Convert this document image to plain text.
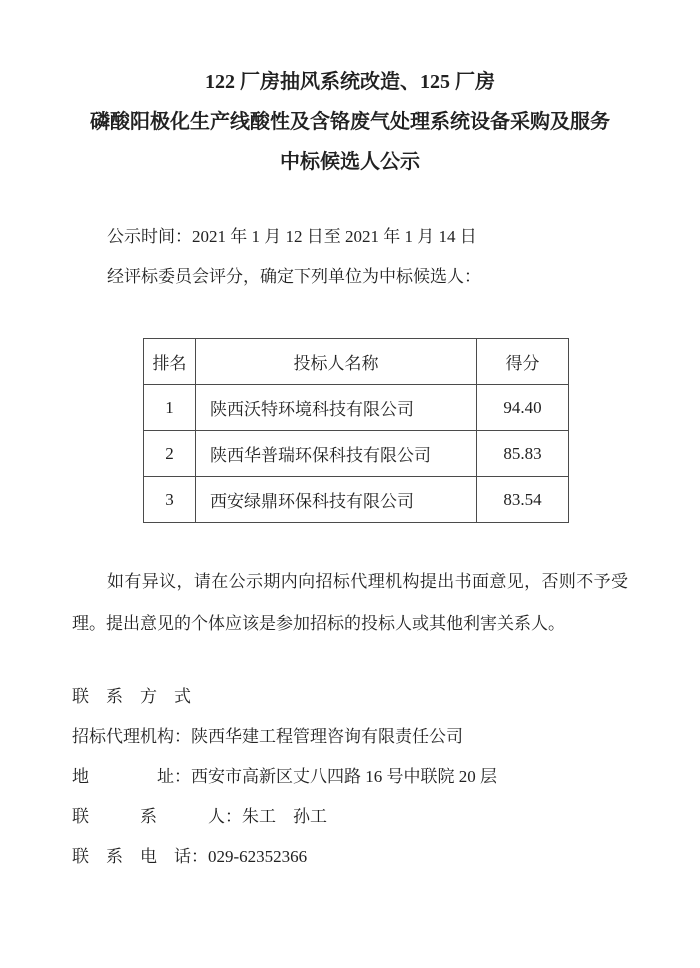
122 厂房抽风系统改造、125 厂房
磷酸阳极化生产线酸性及含铬废气处理系统设备采购及服务
中标候选人公示

公示时间：2021 年 1 月 12 日至 2021 年 1 月 14 日

经评标委员会评分，确定下列单位为中标候选人：

排名	投标人名称	得分
1	陕西沃特环境科技有限公司	94.40
2	陕西华普瑞环保科技有限公司	85.83
3	西安绿鼎环保科技有限公司	83.54

如有异议，请在公示期内向招标代理机构提出书面意见，否则不予受理。提出意见的个体应该是参加招标的投标人或其他利害关系人。

联　系　方　式

招标代理机构：陕西华建工程管理咨询有限责任公司

地　　　　址：西安市高新区丈八四路 16 号中联院 20 层

联　　　系　　　人：朱工　孙工

联　系　电　话：029-62352366
